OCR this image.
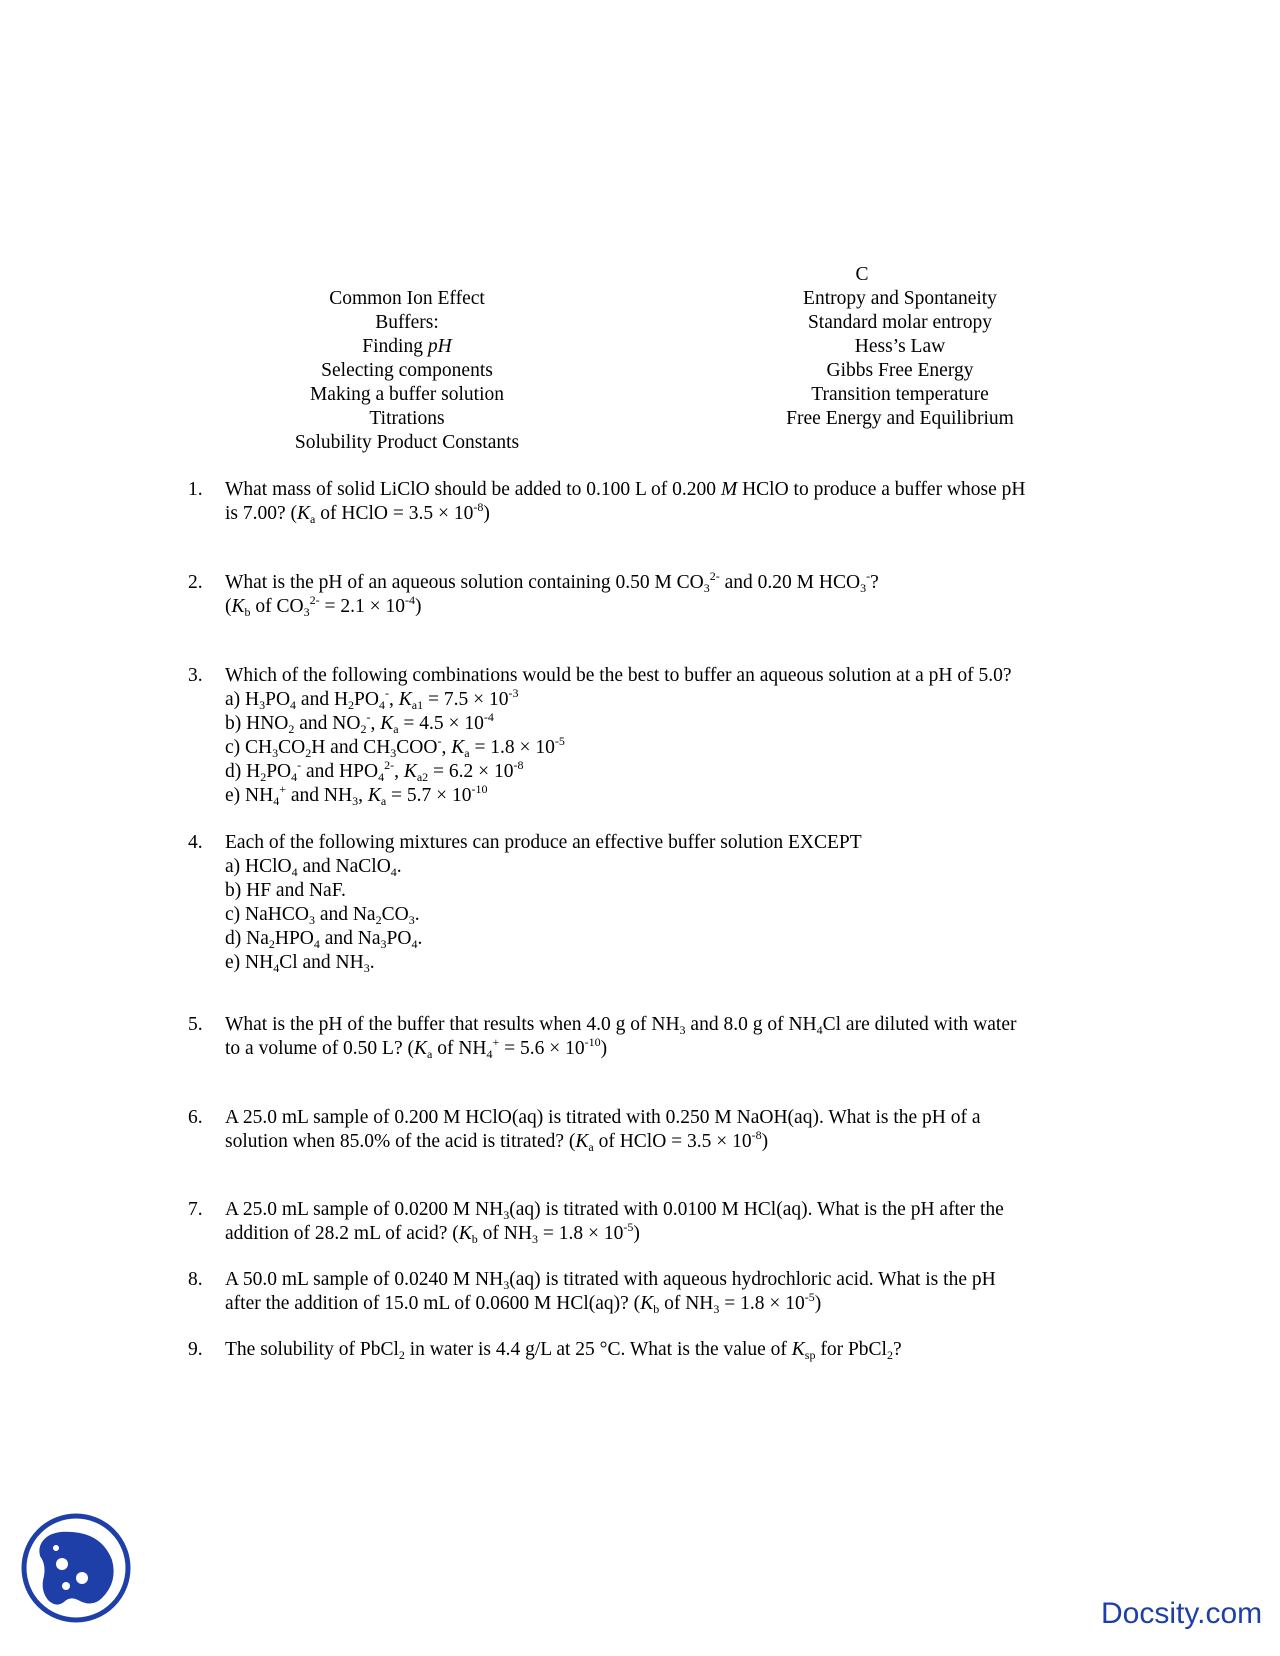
Common Ion Effect
Buffers:
Finding pH
Selecting components
Making a buffer solution
Titrations
Solubility Product Constants
C
Entropy and Spontaneity
Standard molar entropy
Hess’s Law
Gibbs Free Energy
Transition temperature
Free Energy and Equilibrium
1. What mass of solid LiClO should be added to 0.100 L of 0.200 M HClO to produce a buffer whose pH
is 7.00? ($K_a$ of HClO = $3.5 \times 10^{-8}$)
2. What is the pH of an aqueous solution containing 0.50 M $CO_3^{2-}$ and 0.20 M $HCO_3^-$?
($K_b$ of $CO_3^{2-} = 2.1 \times 10^{-4}$)
3. Which of the following combinations would be the best to buffer an aqueous solution at a pH of 5.0?
a) $H_3PO_4$ and $H_2PO_4^-$, $K_{a1} = 7.5 \times 10^{-3}$
b) $HNO_2$ and $NO_2^-$, $K_a = 4.5 \times 10^{-4}$
c) $CH_3CO_2H$ and $CH_3COO^-$, $K_a = 1.8 \times 10^{-5}$
d) $H_2PO_4^-$ and $HPO_4^{2-}$, $K_{a2} = 6.2 \times 10^{-8}$
e) $NH_4^+$ and $NH_3$, $K_a = 5.7 \times 10^{-10}$
4. Each of the following mixtures can produce an effective buffer solution EXCEPT
a) HClO$_4$ and NaClO$_4$.
b) HF and NaF.
c) NaHCO$_3$ and $Na_2CO_3$.
d) $Na_2HPO_4$ and $Na_3PO_4$.
e) $NH_4Cl$ and $NH_3$.
5. What is the pH of the buffer that results when 4.0 g of $NH_3$ and 8.0 g of $NH_4Cl$ are diluted with water
to a volume of 0.50 L? ($K_a$ of $NH_4^+ = 5.6 \times 10^{-10}$)
6. A 25.0 mL sample of 0.200 M HClO(aq) is titrated with 0.250 M NaOH(aq). What is the pH of a
solution when 85.0% of the acid is titrated? ($K_a$ of HClO = $3.5 \times 10^{-8}$)
7. A 25.0 mL sample of 0.0200 M $NH_3(aq)$ is titrated with 0.0100 M HCl(aq). What is the pH after the
addition of 28.2 mL of acid? ($K_b$ of $NH_3 = 1.8 \times 10^{-5}$)
8. A 50.0 mL sample of 0.0240 M $NH_3(aq)$ is titrated with aqueous hydrochloric acid. What is the pH
after the addition of 15.0 mL of 0.0600 M HCl(aq)? ($K_b$ of $NH_3 = 1.8 \times 10^{-5}$)
9. The solubility of PbCl$_2$ in water is 4.4 g/L at 25 °C. What is the value of $K_{sp}$ for PbCl$_2$?
Docsity.com
